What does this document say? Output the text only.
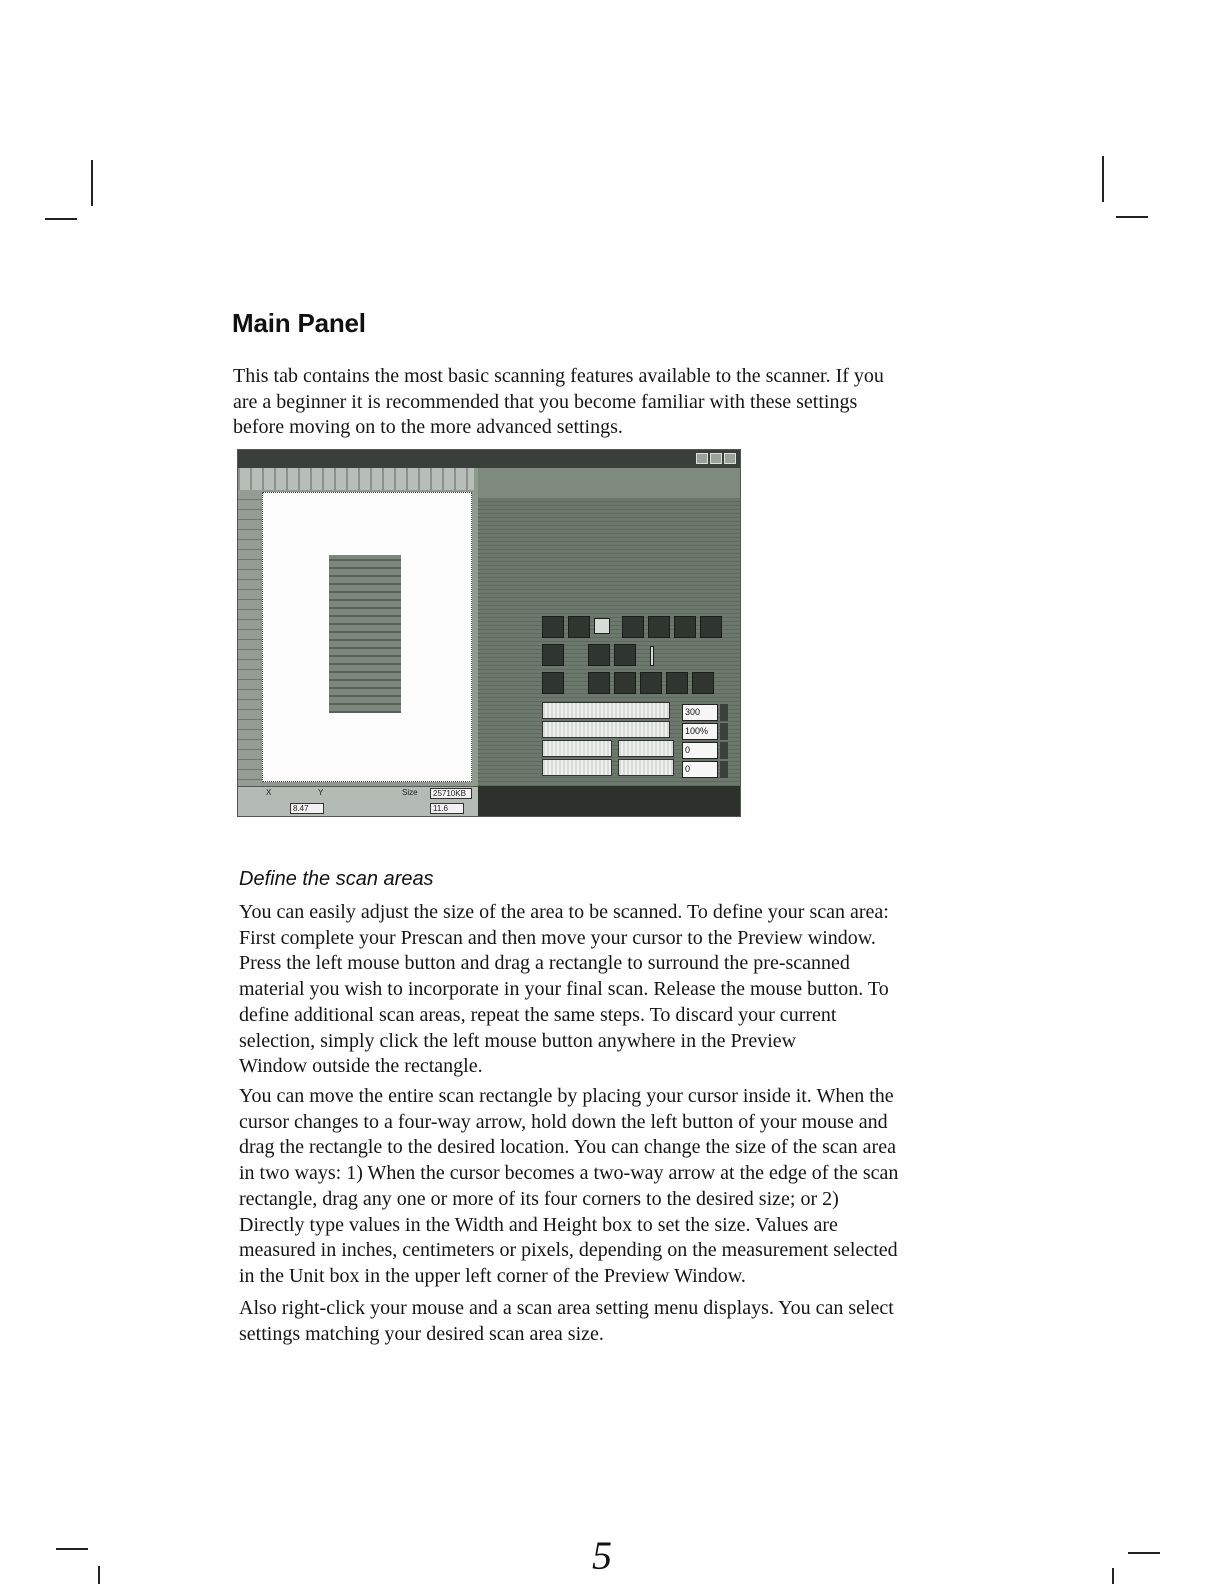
Main Panel
This tab contains the most basic scanning features available to the scanner. If you
are a beginner it is recommended that you become familiar with these settings
before moving on to the more advanced settings.
X	Y	Size	25710KB
8.47	11.6
300
100%
0
0
Define the scan areas
You can easily adjust the size of the area to be scanned. To define your scan area:
First complete your Prescan and then move your cursor to the Preview window.
Press the left mouse button and drag a rectangle to surround the pre-scanned
material you wish to incorporate in your final scan. Release the mouse button. To
define additional scan areas, repeat the same steps. To discard your current
selection, simply click the left mouse button anywhere in the Preview
Window outside the rectangle.
You can move the entire scan rectangle by placing your cursor inside it. When the
cursor changes to a four-way arrow, hold down the left button of your mouse and
drag the rectangle to the desired location. You can change the size of the scan area
in two ways: 1) When the cursor becomes a two-way arrow at the edge of the scan
rectangle, drag any one or more of its four corners to the desired size; or 2)
Directly type values in the Width and Height box to set the size. Values are
measured in inches, centimeters or pixels, depending on the measurement selected
in the Unit box in the upper left corner of the Preview Window.
Also right-click your mouse and a scan area setting menu displays. You can select
settings matching your desired scan area size.
5
